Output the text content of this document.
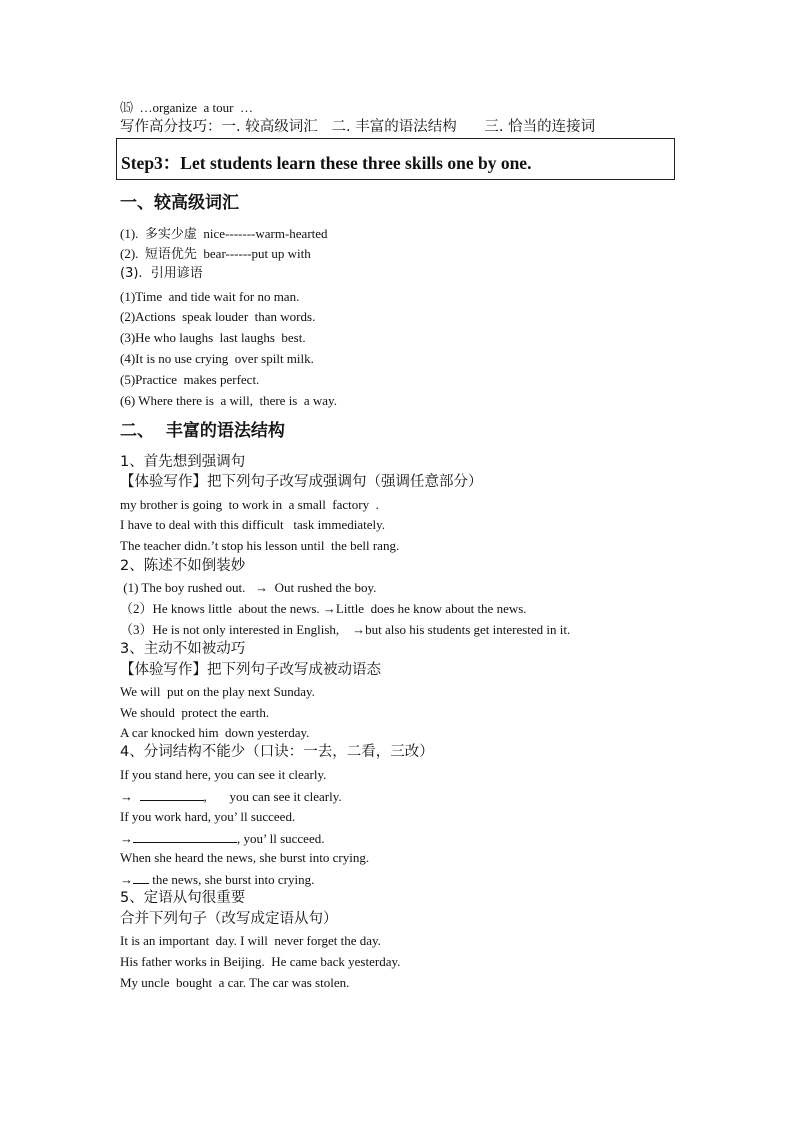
⒂  …organize  a tour  …
写作高分技巧：一. 较高级词汇   二. 丰富的语法结构      三. 恰当的连接词
Step3：Let students learn these three skills one by one.
一、较高级词汇
(1).  多实少虚  nice-------warm-hearted
(2).  短语优先  bear------put up with
(3).  引用谚语
(1)Time  and tide wait for no man.
(2)Actions  speak louder  than words.
(3)He who laughs  last laughs  best.
(4)It is no use crying  over spilt milk.
(5)Practice  makes perfect.
(6) Where there is  a will,  there is  a way.
二、  丰富的语法结构
1、首先想到强调句
【体验写作】把下列句子改写成强调句（强调任意部分）
my brother is going  to work in  a small  factory  .
I have to deal with this difficult   task immediately.
The teacher didn.’t stop his lesson until  the bell rang.
2、陈述不如倒装妙
(1) The boy rushed out.   →  Out rushed the boy.
（2）He knows little  about the news. →Little  does he know about the news.
（3）He is not only interested in English,    →but also his students get interested in it.
3、主动不如被动巧
【体验写作】把下列句子改写成被动语态
We will  put on the play next Sunday.
We should  protect the earth.
A car knocked him  down yesterday.
4、分词结构不能少（口诀：一去，二看，三改）
If you stand here, you can see it clearly.
→	,       you can see it clearly.
If you work hard, you’ ll succeed.
→	, you’ ll succeed.
When she heard the news, she burst into crying.
→ the news, she burst into crying.
5、定语从句很重要
合并下列句子（改写成定语从句）
It is an important  day. I will  never forget the day.
His father works in Beijing.  He came back yesterday.
My uncle  bought  a car. The car was stolen.
